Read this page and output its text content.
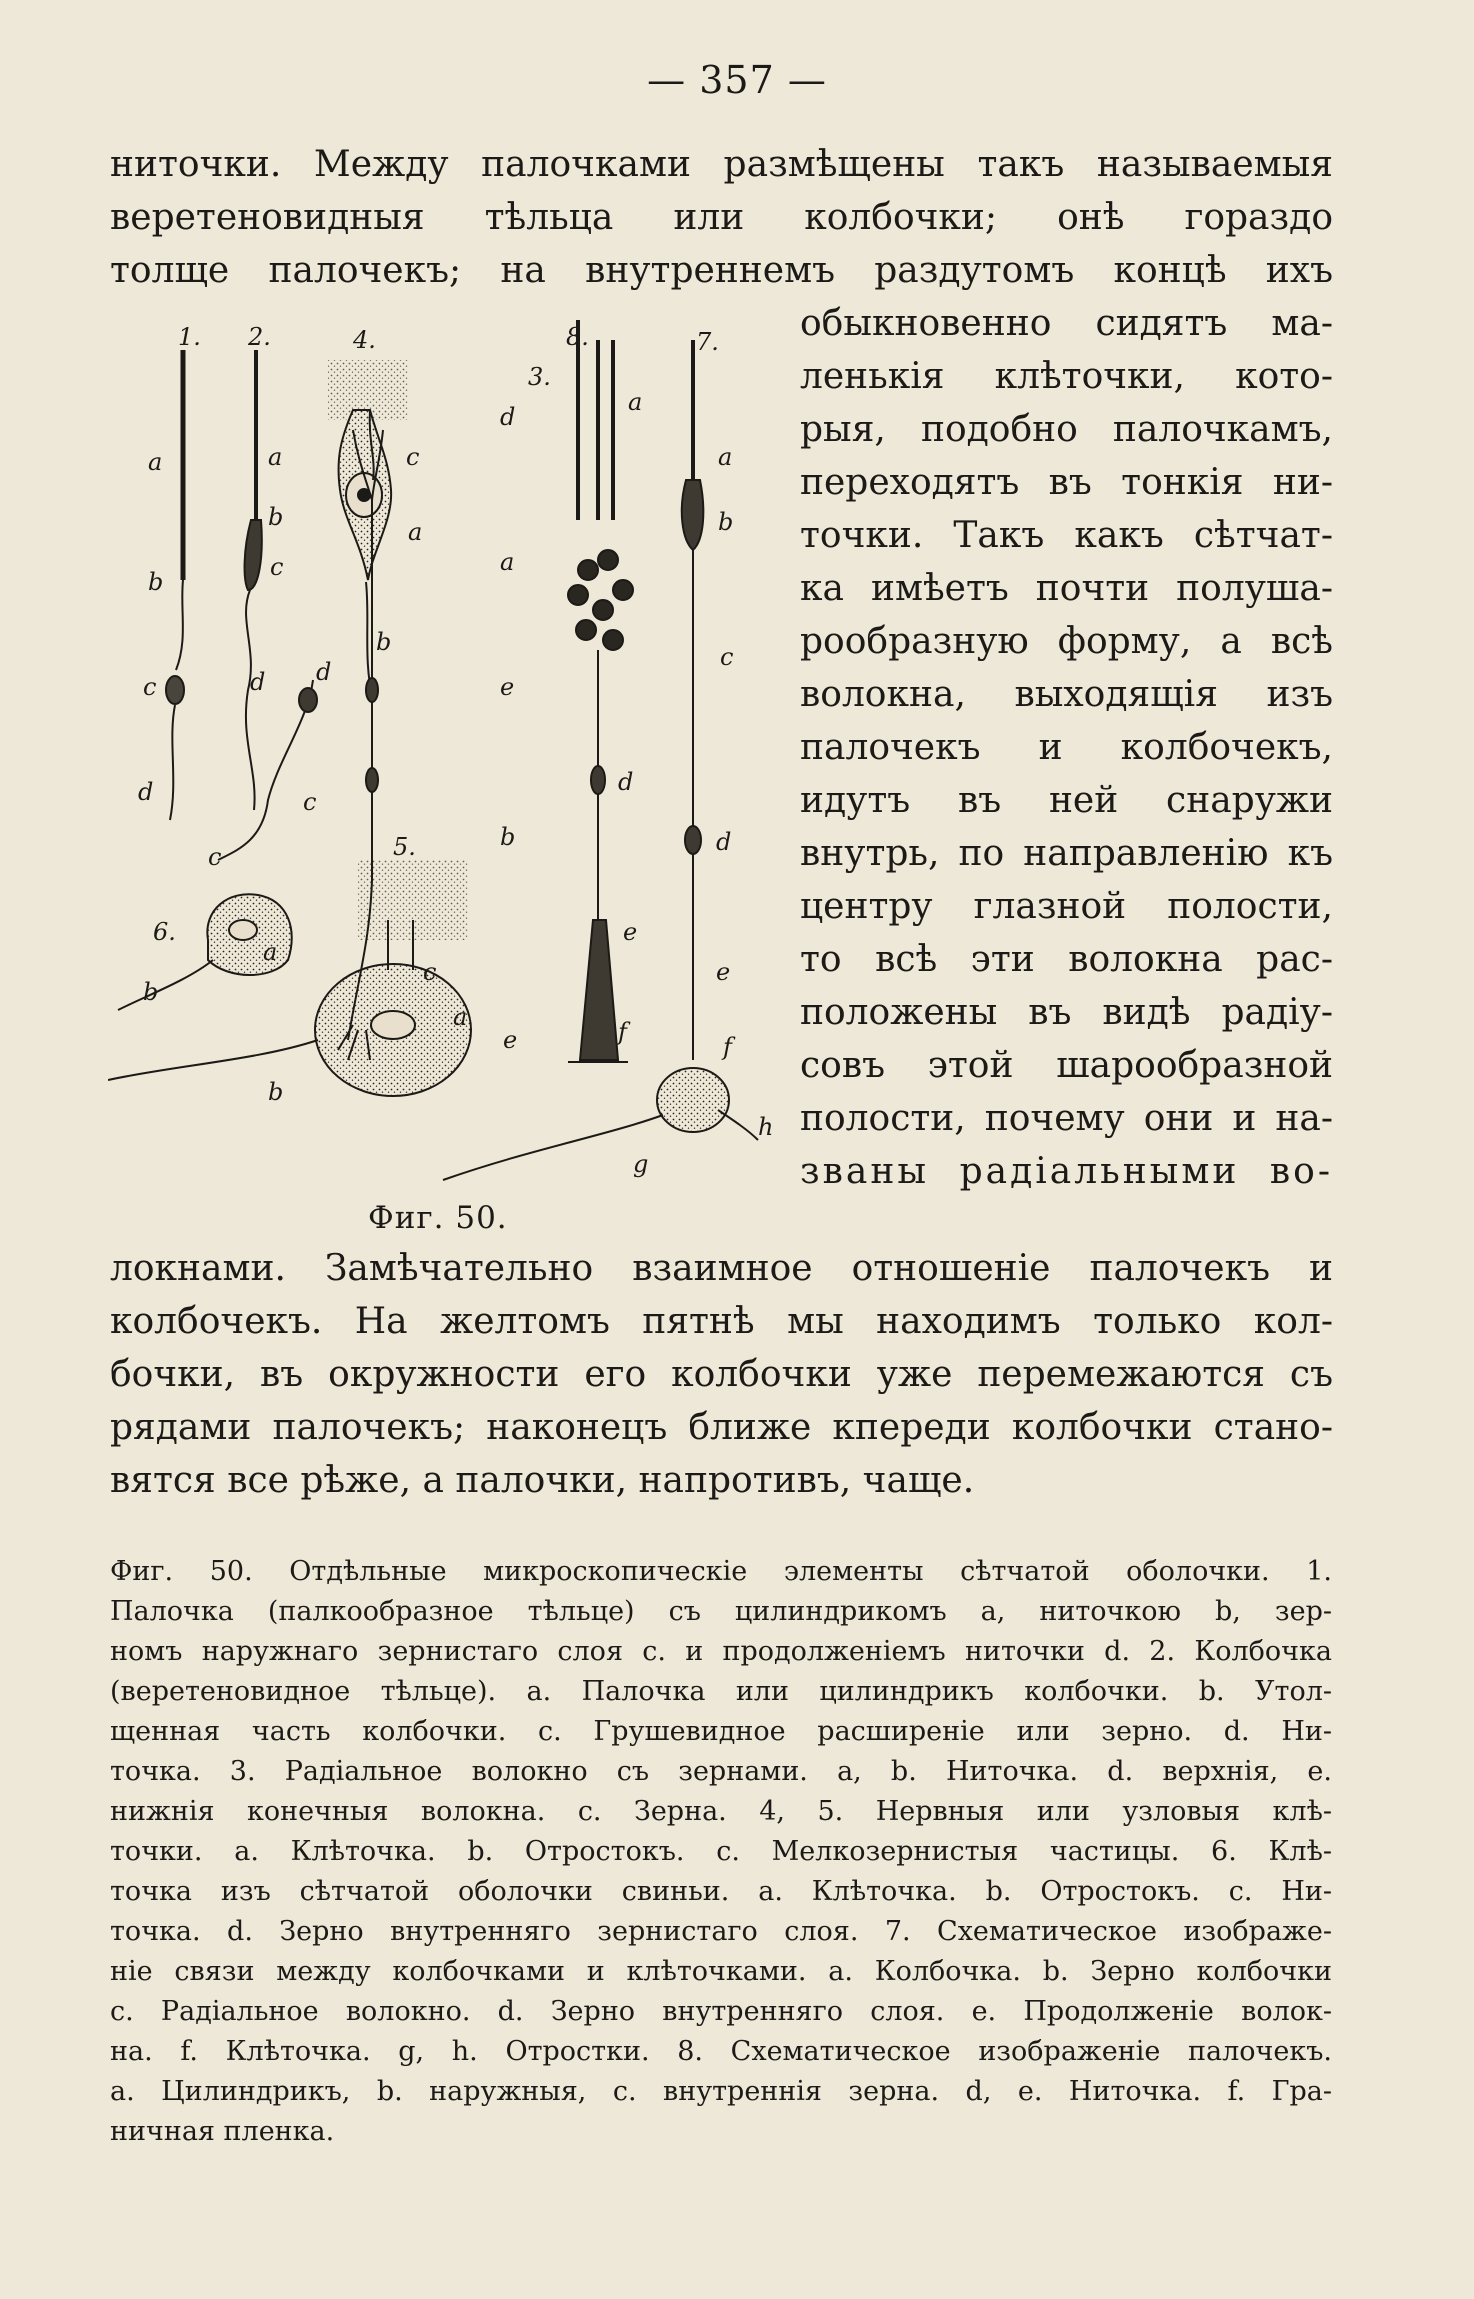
— 357 —
ниточки. Между палочками размѣщены такъ называемыя
веретеновидныя тѣльца или колбочки; онѣ гораздо
толще палочекъ; на внутреннемъ раздутомъ концѣ ихъ
обыкновенно сидятъ ма-
ленькія клѣточки, кото-
рыя, подобно палочкамъ,
переходятъ въ тонкія ни-
точки. Такъ какъ сѣтчат-
ка имѣетъ почти полуша-
рообразную форму, а всѣ
волокна, выходящія изъ
палочекъ и колбочекъ,
идутъ въ ней снаружи
внутрь, по направленію къ
центру глазной полости,
то всѣ эти волокна рас-
положены въ видѣ радіу-
совъ этой шарообразной
полости, почему они и на-
званы радіальными во-
1. 2.	4.
3.
8.	7.
5.
6.
a
b
c
d
a
b
c
d
c
a
b
d
c
c
a
b
b
c
a
d
a
e
b
e
a
d
e
f
a
b
c
d
e
f
g
h
Фиг. 50.
локнами. Замѣчательно взаимное отношеніе палочекъ и
колбочекъ. На желтомъ пятнѣ мы находимъ только кол-
бочки, въ окружности его колбочки уже перемежаются съ
рядами палочекъ; наконецъ ближе кпереди колбочки стано-
вятся все рѣже, а палочки, напротивъ, чаще.
Фиг. 50. Отдѣльные микроскопическіе элементы сѣтчатой оболочки. 1.
Палочка (палкообразное тѣльце) съ цилиндрикомъ a, ниточкою b, зер-
номъ наружнаго зернистаго слоя c. и продолженіемъ ниточки d. 2. Колбочка
(веретеновидное тѣльце). a. Палочка или цилиндрикъ колбочки. b. Утол-
щенная часть колбочки. c. Грушевидное расширеніе или зерно. d. Ни-
точка. 3. Радіальное волокно съ зернами. a, b. Ниточка. d. верхнія, e.
нижнія конечныя волокна. c. Зерна. 4, 5. Нервныя или узловыя клѣ-
точки. a. Клѣточка. b. Отростокъ. c. Мелкозернистыя частицы. 6. Клѣ-
точка изъ сѣтчатой оболочки свиньи. a. Клѣточка. b. Отростокъ. c. Ни-
точка. d. Зерно внутренняго зернистаго слоя. 7. Схематическое изображе-
ніе связи между колбочками и клѣточками. a. Колбочка. b. Зерно колбочки
c. Радіальное волокно. d. Зерно внутренняго слоя. e. Продолженіе волок-
на. f. Клѣточка. g, h. Отростки. 8. Схематическое изображеніе палочекъ.
a. Цилиндрикъ, b. наружныя, c. внутреннія зерна. d, e. Ниточка. f. Гра-
ничная пленка.
